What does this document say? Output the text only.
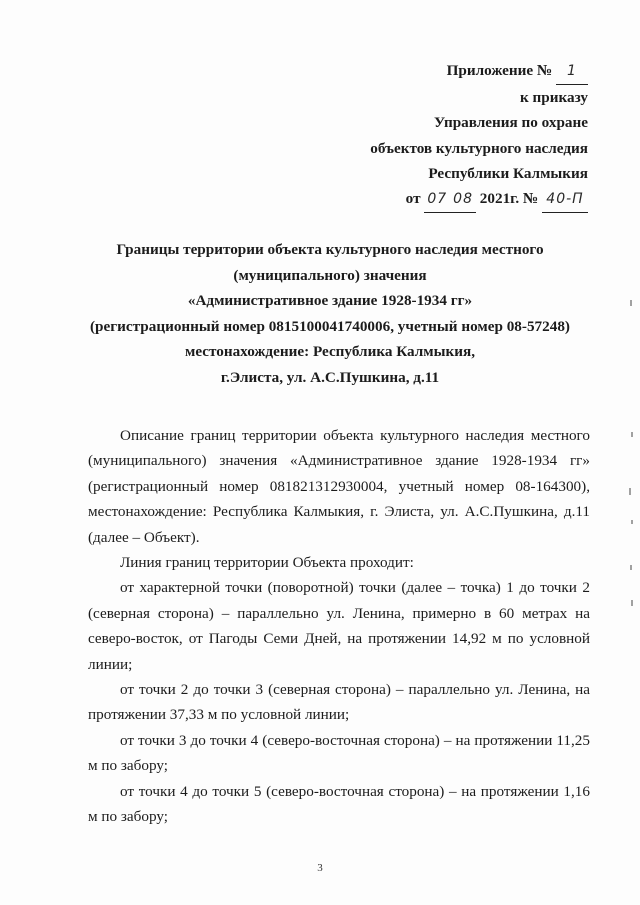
Приложение № 1
к приказу
Управления по охране
объектов культурного наследия
Республики Калмыкия
от 07 08 2021г. № 40-П
Границы территории объекта культурного наследия местного
(муниципального) значения
«Административное здание 1928-1934 гг»
(регистрационный номер 0815100041740006, учетный номер 08-57248)
местонахождение: Республика Калмыкия,
г.Элиста, ул. А.С.Пушкина, д.11

Описание границ территории объекта культурного наследия местного (муниципального) значения «Административное здание 1928-1934 гг» (регистрационный номер 081821312930004, учетный номер 08-164300), местонахождение: Республика Калмыкия, г. Элиста, ул. А.С.Пушкина, д.11 (далее – Объект).

Линия границ территории Объекта проходит:

от характерной точки (поворотной) точки (далее – точка) 1 до точки 2 (северная сторона) – параллельно ул. Ленина, примерно в 60 метрах на северо-восток, от Пагоды Семи Дней, на протяжении 14,92 м по условной линии;

от точки 2 до точки 3 (северная сторона) – параллельно ул. Ленина, на протяжении 37,33 м по условной линии;

от точки 3 до точки 4 (северо-восточная сторона) – на протяжении 11,25 м по забору;

от точки 4 до точки 5 (северо-восточная сторона) – на протяжении 1,16 м по забору;

3
